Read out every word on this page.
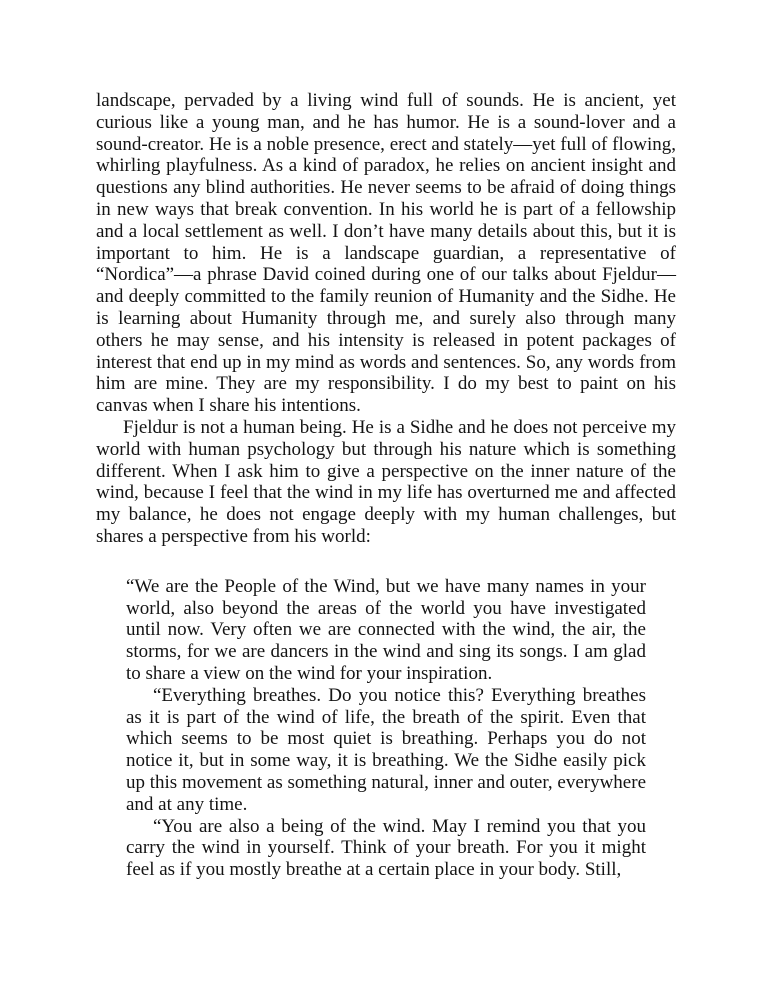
landscape, pervaded by a living wind full of sounds. He is ancient, yet curious like a young man, and he has humor. He is a sound-lover and a sound-creator. He is a noble presence, erect and stately—yet full of flowing, whirling playfulness. As a kind of paradox, he relies on ancient insight and questions any blind authorities. He never seems to be afraid of doing things in new ways that break convention. In his world he is part of a fellowship and a local settlement as well. I don’t have many details about this, but it is important to him. He is a landscape guardian, a representative of “Nordica”—a phrase David coined during one of our talks about Fjeldur—and deeply committed to the family reunion of Humanity and the Sidhe. He is learning about Humanity through me, and surely also through many others he may sense, and his intensity is released in potent packages of interest that end up in my mind as words and sentences. So, any words from him are mine. They are my responsibility. I do my best to paint on his canvas when I share his intentions.

Fjeldur is not a human being. He is a Sidhe and he does not perceive my world with human psychology but through his nature which is something different. When I ask him to give a perspective on the inner nature of the wind, because I feel that the wind in my life has overturned me and affected my balance, he does not engage deeply with my human challenges, but shares a perspective from his world:

“We are the People of the Wind, but we have many names in your world, also beyond the areas of the world you have investigated until now. Very often we are connected with the wind, the air, the storms, for we are dancers in the wind and sing its songs. I am glad to share a view on the wind for your inspiration.

“Everything breathes. Do you notice this? Everything breathes as it is part of the wind of life, the breath of the spirit. Even that which seems to be most quiet is breathing. Perhaps you do not notice it, but in some way, it is breathing. We the Sidhe easily pick up this movement as something natural, inner and outer, everywhere and at any time.

“You are also a being of the wind. May I remind you that you carry the wind in yourself. Think of your breath. For you it might feel as if you mostly breathe at a certain place in your body. Still,
